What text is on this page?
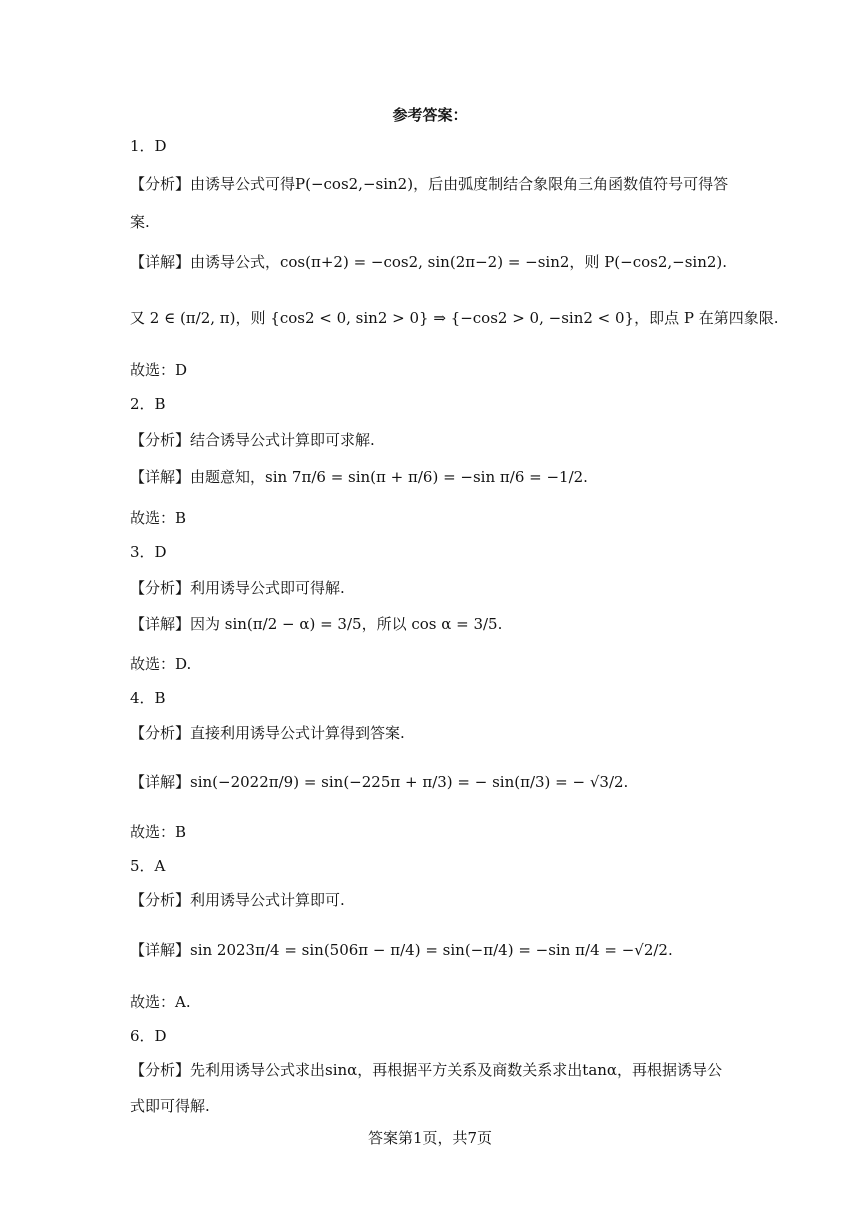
参考答案：
1．D
【分析】由诱导公式可得P(−cos2,−sin2)，后由弧度制结合象限角三角函数值符号可得答
案.
【详解】由诱导公式，cos(π+2) = −cos2, sin(2π−2) = −sin2，则 P(−cos2,−sin2).
又 2 ∈ (π/2, π)，则 {cos2 < 0, sin2 > 0} ⇒ {−cos2 > 0, −sin2 < 0}，即点 P 在第四象限.
故选：D
2．B
【分析】结合诱导公式计算即可求解.
【详解】由题意知，sin 7π/6 = sin(π + π/6) = −sin π/6 = −1/2.
故选：B
3．D
【分析】利用诱导公式即可得解.
【详解】因为 sin(π/2 − α) = 3/5，所以 cos α = 3/5.
故选：D.
4．B
【分析】直接利用诱导公式计算得到答案.
【详解】sin(−2022π/9) = sin(−225π + π/3) = − sin(π/3) = − √3/2.
故选：B
5．A
【分析】利用诱导公式计算即可.
【详解】sin 2023π/4 = sin(506π − π/4) = sin(−π/4) = −sin π/4 = −√2/2.
故选：A.
6．D
【分析】先利用诱导公式求出sinα，再根据平方关系及商数关系求出tanα，再根据诱导公
式即可得解.
答案第1页，共7页
